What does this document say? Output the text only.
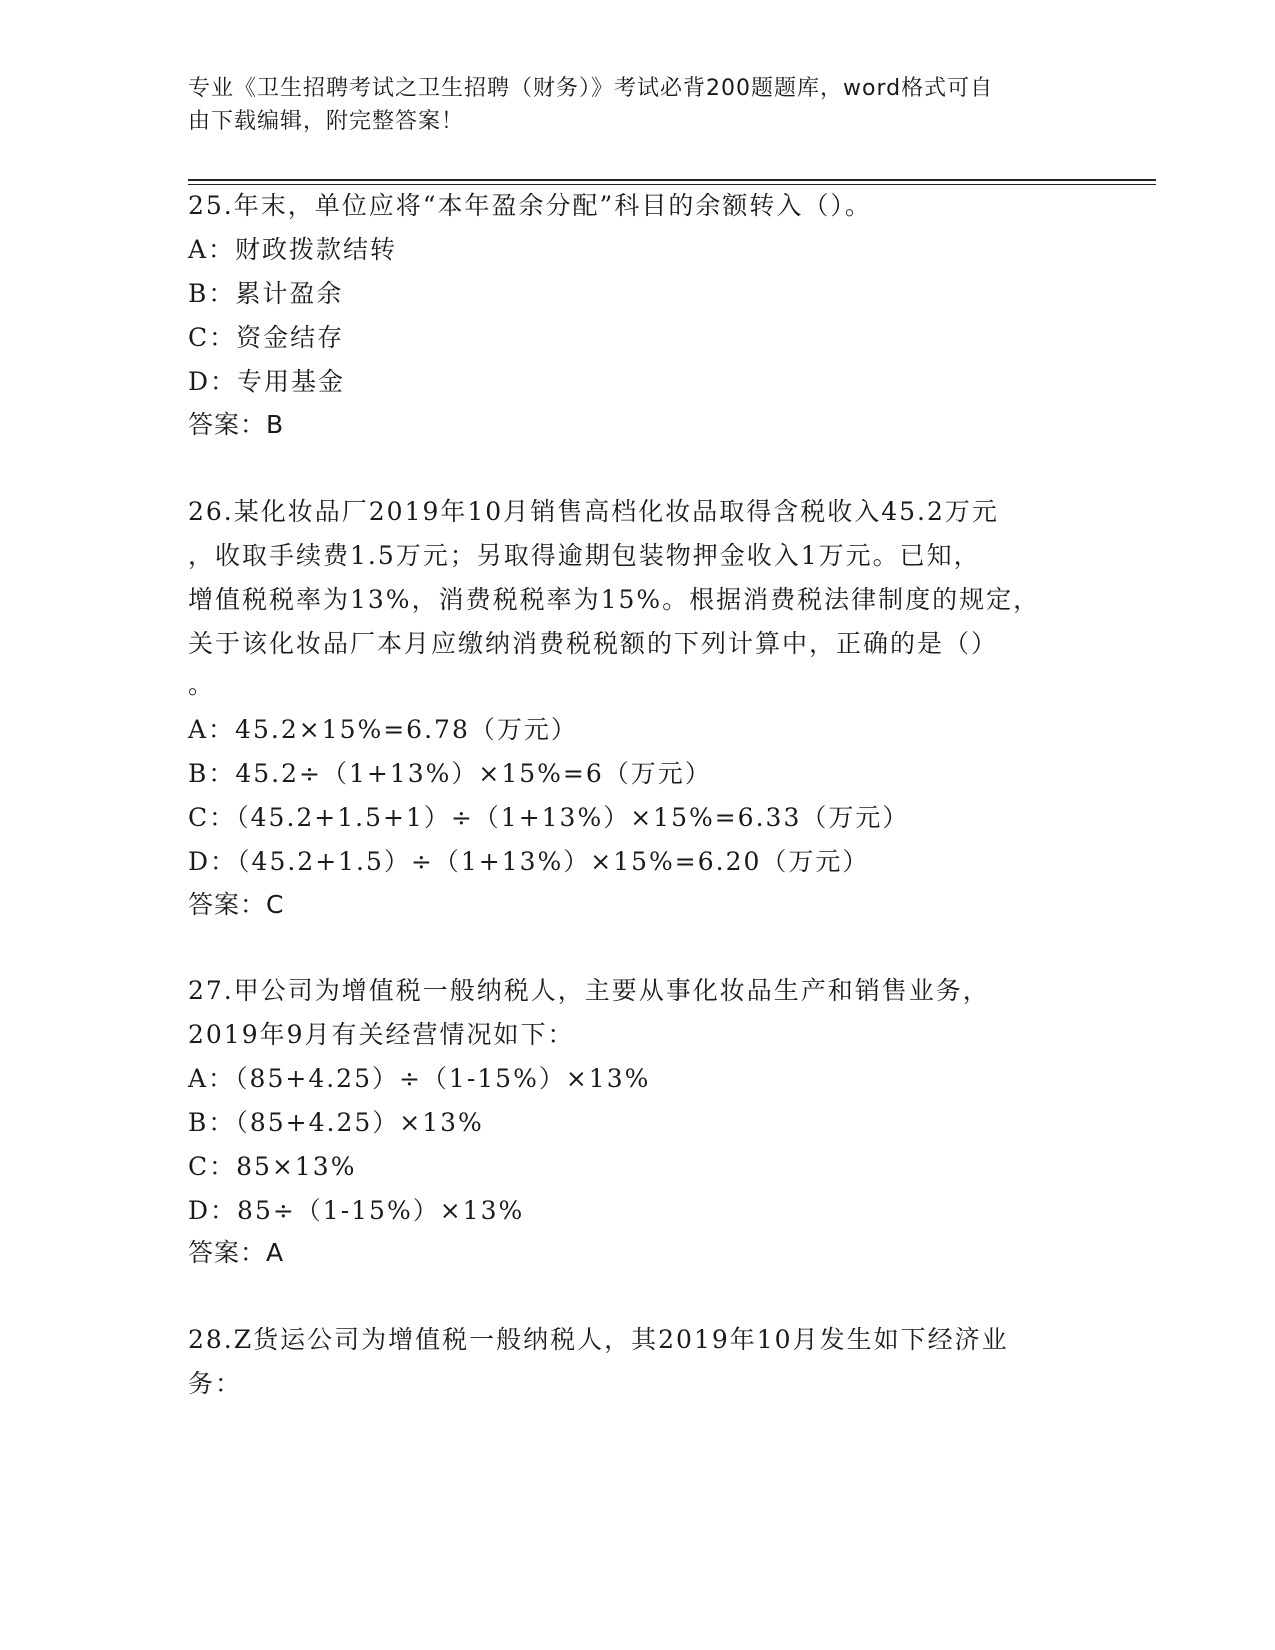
专业《卫生招聘考试之卫生招聘（财务）》考试必背200题题库，word格式可自
由下载编辑，附完整答案！
25.年末，单位应将“本年盈余分配”科目的余额转入（）。
A：财政拨款结转
B：累计盈余
C：资金结存
D：专用基金
答案：B
26.某化妆品厂2019年10月销售高档化妆品取得含税收入45.2万元
，收取手续费1.5万元；另取得逾期包装物押金收入1万元。已知，
增值税税率为13%，消费税税率为15%。根据消费税法律制度的规定，
关于该化妆品厂本月应缴纳消费税税额的下列计算中，正确的是（）
。
A：45.2×15%=6.78（万元）
B：45.2÷（1+13%）×15%=6（万元）
C：（45.2+1.5+1）÷（1+13%）×15%=6.33（万元）
D：（45.2+1.5）÷（1+13%）×15%=6.20（万元）
答案：C
27.甲公司为增值税一般纳税人，主要从事化妆品生产和销售业务，
2019年9月有关经营情况如下：
A：（85+4.25）÷（1-15%）×13%
B：（85+4.25）×13%
C：85×13%
D：85÷（1-15%）×13%
答案：A
28.Z货运公司为增值税一般纳税人，其2019年10月发生如下经济业
务：
